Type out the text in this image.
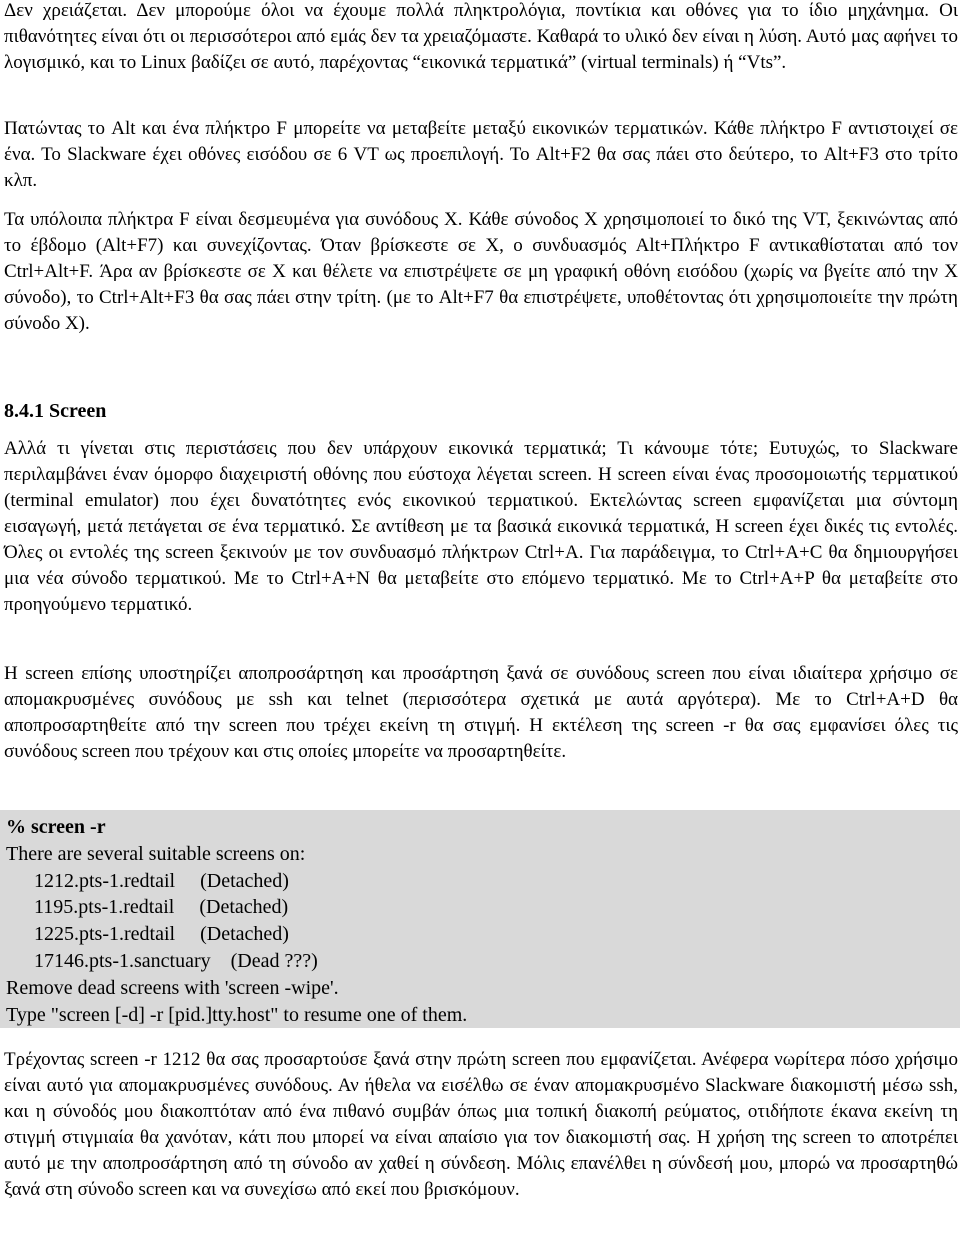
Δεν χρειάζεται. Δεν μπορούμε όλοι να έχουμε πολλά πληκτρολόγια, ποντίκια και οθόνες για το ίδιο μηχάνημα. Οι πιθανότητες είναι ότι οι περισσότεροι από εμάς δεν τα χρειαζόμαστε. Καθαρά το υλικό δεν είναι η λύση. Αυτό μας αφήνει το λογισμικό, και το Linux βαδίζει σε αυτό, παρέχοντας “εικονικά τερματικά” (virtual terminals) ή “Vts”.

Πατώντας το Alt και ένα πλήκτρο F μπορείτε να μεταβείτε μεταξύ εικονικών τερματικών. Κάθε πλήκτρο F αντιστοιχεί σε ένα. Το Slackware έχει οθόνες εισόδου σε 6 VT ως προεπιλογή. Το Alt+F2 θα σας πάει στο δεύτερο, το Alt+F3 στο τρίτο κλπ.

Τα υπόλοιπα πλήκτρα F είναι δεσμευμένα για συνόδους X. Κάθε σύνοδος X χρησιμοποιεί το δικό της VT, ξεκινώντας από το έβδομο (Alt+F7) και συνεχίζοντας. Όταν βρίσκεστε σε X, ο συνδυασμός Alt+Πλήκτρο F αντικαθίσταται από τον Ctrl+Alt+F. Άρα αν βρίσκεστε σε X και θέλετε να επιστρέψετε σε μη γραφική οθόνη εισόδου (χωρίς να βγείτε από την X σύνοδο), το Ctrl+Alt+F3 θα σας πάει στην τρίτη. (με το Alt+F7 θα επιστρέψετε, υποθέτοντας ότι χρησιμοποιείτε την πρώτη σύνοδο X).

8.4.1 Screen

Αλλά τι γίνεται στις περιστάσεις που δεν υπάρχουν εικονικά τερματικά; Τι κάνουμε τότε; Ευτυχώς, το Slackware περιλαμβάνει έναν όμορφο διαχειριστή οθόνης που εύστοχα λέγεται screen. Η screen είναι ένας προσομοιωτής τερματικού (terminal emulator) που έχει δυνατότητες ενός εικονικού τερματικού. Εκτελώντας screen εμφανίζεται μια σύντομη εισαγωγή, μετά πετάγεται σε ένα τερματικό. Σε αντίθεση με τα βασικά εικονικά τερματικά, Η screen έχει δικές τις εντολές. Όλες οι εντολές της screen ξεκινούν με τον συνδυασμό πλήκτρων Ctrl+A. Για παράδειγμα, το Ctrl+A+C θα δημιουργήσει μια νέα σύνοδο τερματικού. Με το Ctrl+A+N θα μεταβείτε στο επόμενο τερματικό. Με το Ctrl+A+P θα μεταβείτε στο προηγούμενο τερματικό.

Η screen επίσης υποστηρίζει αποπροσάρτηση και προσάρτηση ξανά σε συνόδους screen που είναι ιδιαίτερα χρήσιμο σε απομακρυσμένες συνόδους με ssh και telnet (περισσότερα σχετικά με αυτά αργότερα). Με το Ctrl+A+D θα αποπροσαρτηθείτε από την screen που τρέχει εκείνη τη στιγμή. Η εκτέλεση της screen -r θα σας εμφανίσει όλες τις συνόδους screen που τρέχουν και στις οποίες μπορείτε να προσαρτηθείτε.

% screen -r
There are several suitable screens on:
1212.pts-1.redtail     (Detached)
1195.pts-1.redtail     (Detached)
1225.pts-1.redtail     (Detached)
17146.pts-1.sanctuary    (Dead ???)
Remove dead screens with 'screen -wipe'.
Type "screen [-d] -r [pid.]tty.host" to resume one of them.

Τρέχοντας screen -r 1212 θα σας προσαρτούσε ξανά στην πρώτη screen που εμφανίζεται. Ανέφερα νωρίτερα πόσο χρήσιμο είναι αυτό για απομακρυσμένες συνόδους. Αν ήθελα να εισέλθω σε έναν απομακρυσμένο Slackware διακομιστή μέσω ssh, και η σύνοδός μου διακοπτόταν από ένα πιθανό συμβάν όπως μια τοπική διακοπή ρεύματος, οτιδήποτε έκανα εκείνη τη στιγμή στιγμιαία θα χανόταν, κάτι που μπορεί να είναι απαίσιο για τον διακομιστή σας. Η χρήση της screen το αποτρέπει αυτό με την αποπροσάρτηση από τη σύνοδο αν χαθεί η σύνδεση. Μόλις επανέλθει η σύνδεσή μου, μπορώ να προσαρτηθώ ξανά στη σύνοδο screen και να συνεχίσω από εκεί που βρισκόμουν.
